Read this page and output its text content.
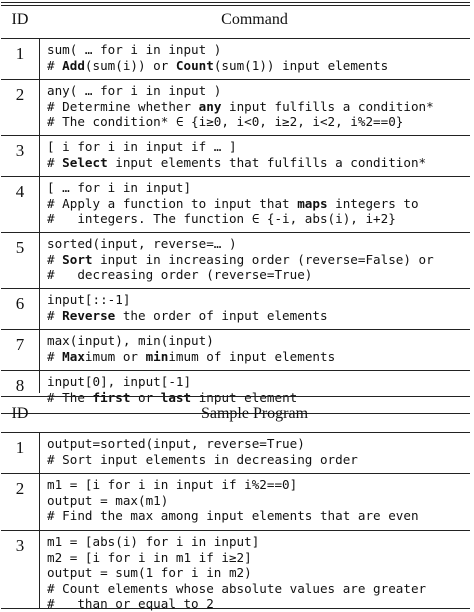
ID	Command
1	sum( … for i in input )
# Add(sum(i)) or Count(sum(1)) input elements
2	any( … for i in input )
# Determine whether any input fulfills a condition*
# The condition* ∈ {i≥0, i<0, i≥2, i<2, i%2==0}
3	[ i for i in input if … ]
# Select input elements that fulfills a condition*
4	[ … for i in input]
# Apply a function to input that maps integers to
#   integers. The function ∈ {-i, abs(i), i+2}
5	sorted(input, reverse=… )
# Sort input in increasing order (reverse=False) or
#   decreasing order (reverse=True)
6	input[::-1]
# Reverse the order of input elements
7	max(input), min(input)
# Maximum or minimum of input elements
8	input[0], input[-1]
# The first or last input element
ID	Sample Program
1	output=sorted(input, reverse=True)
# Sort input elements in decreasing order
2	m1 = [i for i in input if i%2==0]
output = max(m1)
# Find the max among input elements that are even
3	m1 = [abs(i) for i in input]
m2 = [i for i in m1 if i≥2]
output = sum(1 for i in m2)
# Count elements whose absolute values are greater
#   than or equal to 2
